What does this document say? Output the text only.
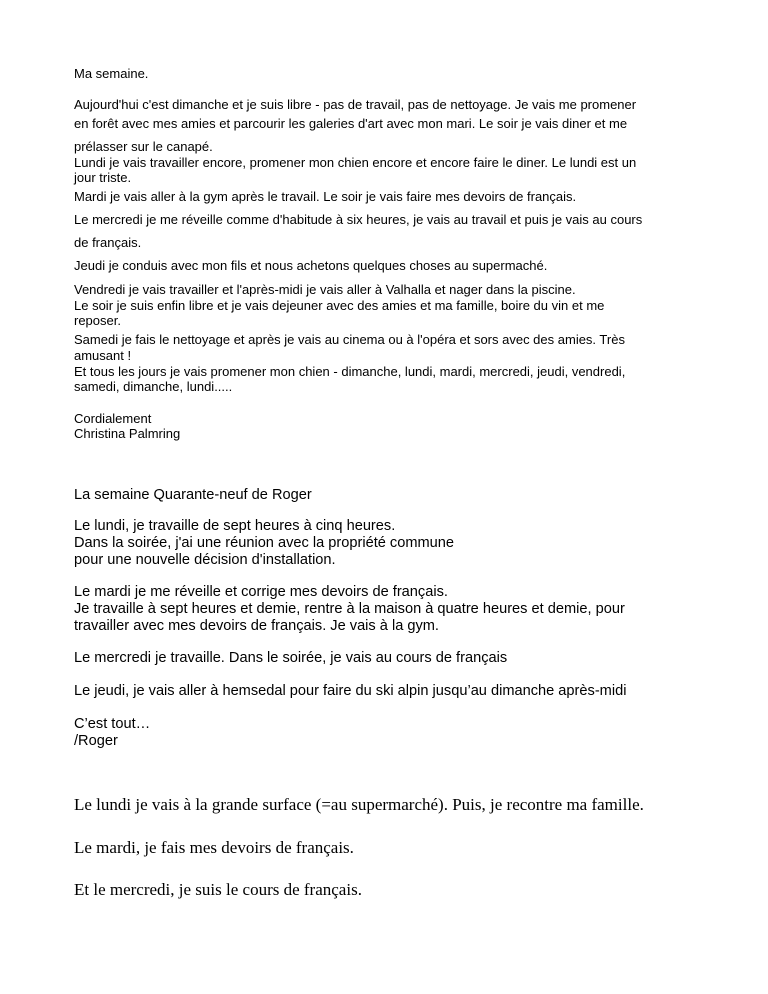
Ma semaine.

Aujourd'hui c'est dimanche et je suis libre - pas de travail, pas de nettoyage. Je vais me promener
en forêt avec mes amies et parcourir les galeries d'art avec mon mari. Le soir je vais diner et me
prélasser sur le canapé.

Lundi je vais travailler encore, promener mon chien encore et encore faire le diner. Le lundi est un
jour triste.

Mardi je vais aller à la gym après le travail. Le soir je vais faire mes devoirs de français.

Le mercredi je me réveille comme d'habitude à six heures, je vais au travail et puis je vais au cours
de français.

Jeudi je conduis avec mon fils et nous achetons quelques choses au supermaché.

Vendredi je vais travailler et l'après-midi je vais aller à Valhalla et nager dans la piscine.

Le soir je suis enfin libre et je vais dejeuner avec des amies et ma famille, boire du vin et me
reposer.

Samedi je fais le nettoyage et après je vais au cinema ou à l'opéra et sors avec des amies. Très
amusant !

Et tous les jours je vais promener mon chien - dimanche, lundi, mardi, mercredi, jeudi, vendredi,
samedi, dimanche, lundi.....

Cordialement
Christina Palmring

La semaine Quarante-neuf de Roger

Le lundi, je travaille de sept heures à cinq heures.
Dans la soirée, j'ai une réunion avec la propriété commune
pour une nouvelle décision d'installation.

Le mardi je me réveille et corrige mes devoirs de français.
Je travaille à sept heures et demie, rentre à la maison à quatre heures et demie, pour
travailler avec mes devoirs de français. Je vais à la gym.

Le mercredi je travaille. Dans le soirée, je vais au cours de français

Le jeudi, je vais aller à hemsedal pour faire du ski alpin jusqu’au dimanche après-midi

C’est tout…
/Roger

Le lundi je vais à la grande surface (=au supermarché). Puis, je recontre ma famille.

Le mardi, je fais mes devoirs de français.

Et le mercredi, je suis le cours de français.
